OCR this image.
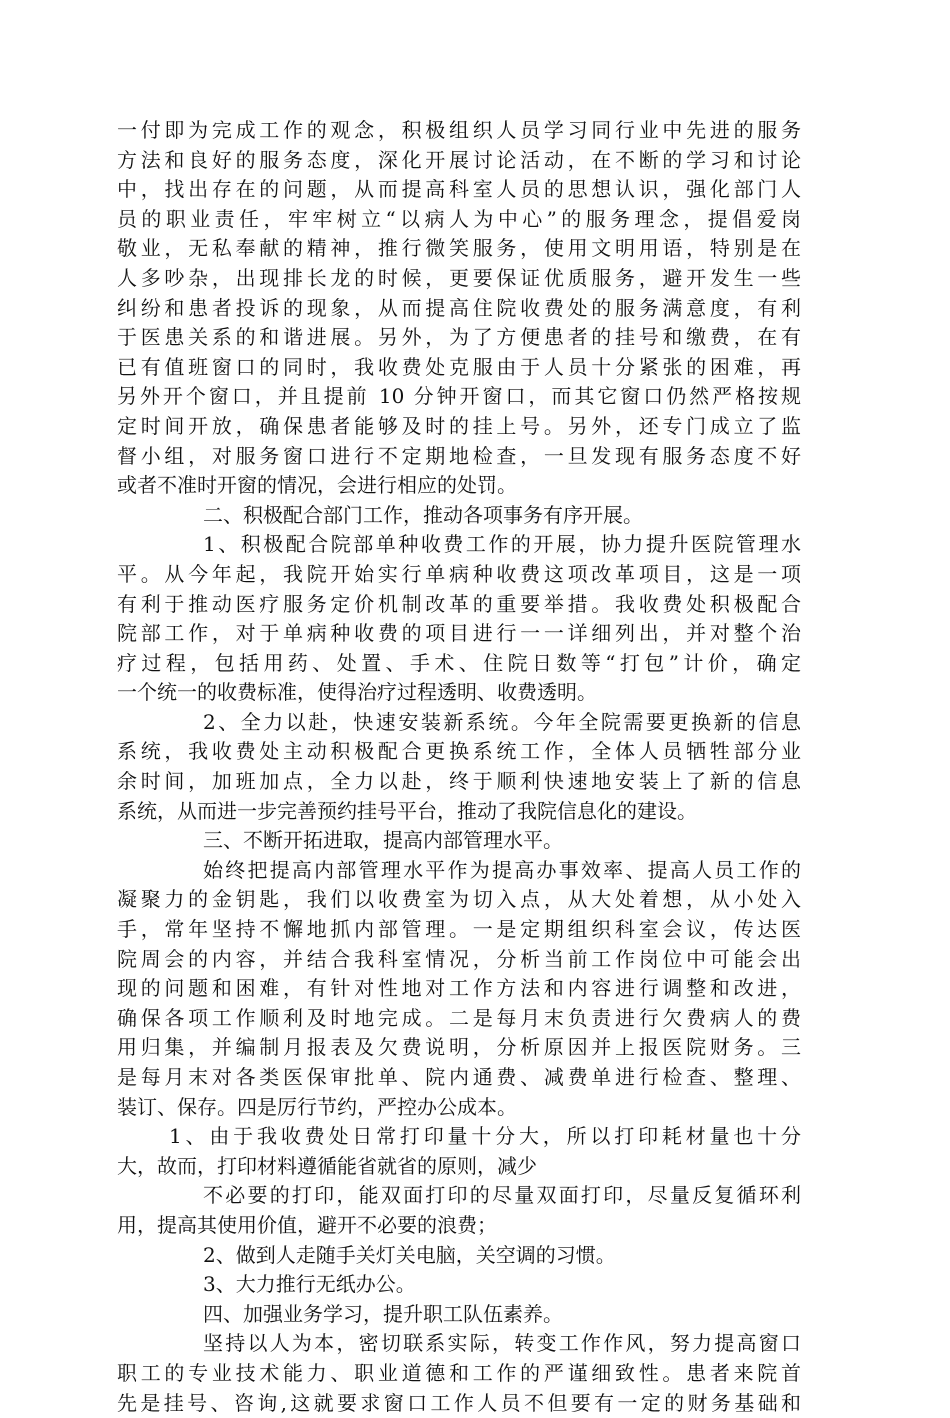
一付即为完成工作的观念，积极组织人员学习同行业中先进的服务
方法和良好的服务态度，深化开展讨论活动，在不断的学习和讨论
中，找出存在的问题，从而提高科室人员的思想认识，强化部门人
员的职业责任，牢牢树立“以病人为中心”的服务理念，提倡爱岗
敬业，无私奉献的精神，推行微笑服务，使用文明用语，特别是在
人多吵杂，出现排长龙的时候，更要保证优质服务，避开发生一些
纠纷和患者投诉的现象，从而提高住院收费处的服务满意度，有利
于医患关系的和谐进展。另外，为了方便患者的挂号和缴费，在有
已有值班窗口的同时，我收费处克服由于人员十分紧张的困难，再
另外开个窗口，并且提前 10 分钟开窗口，而其它窗口仍然严格按规
定时间开放，确保患者能够及时的挂上号。另外，还专门成立了监
督小组，对服务窗口进行不定期地检查，一旦发现有服务态度不好
或者不准时开窗的情况，会进行相应的处罚。
二、积极配合部门工作，推动各项事务有序开展。
1、积极配合院部单种收费工作的开展，协力提升医院管理水
平。从今年起，我院开始实行单病种收费这项改革项目，这是一项
有利于推动医疗服务定价机制改革的重要举措。我收费处积极配合
院部工作，对于单病种收费的项目进行一一详细列出，并对整个治
疗过程，包括用药、处置、手术、住院日数等“打包”计价，确定
一个统一的收费标准，使得治疗过程透明、收费透明。
2、全力以赴，快速安装新系统。今年全院需要更换新的信息
系统，我收费处主动积极配合更换系统工作，全体人员牺牲部分业
余时间，加班加点，全力以赴，终于顺利快速地安装上了新的信息
系统，从而进一步完善预约挂号平台，推动了我院信息化的建设。
三、不断开拓进取，提高内部管理水平。
始终把提高内部管理水平作为提高办事效率、提高人员工作的
凝聚力的金钥匙，我们以收费室为切入点，从大处着想，从小处入
手，常年坚持不懈地抓内部管理。一是定期组织科室会议，传达医
院周会的内容，并结合我科室情况，分析当前工作岗位中可能会出
现的问题和困难，有针对性地对工作方法和内容进行调整和改进，
确保各项工作顺利及时地完成。二是每月末负责进行欠费病人的费
用归集，并编制月报表及欠费说明，分析原因并上报医院财务。三
是每月末对各类医保审批单、院内通费、减费单进行检查、整理、
装订、保存。四是厉行节约，严控办公成本。
1、由于我收费处日常打印量十分大，所以打印耗材量也十分
大，故而，打印材料遵循能省就省的原则，减少
不必要的打印，能双面打印的尽量双面打印，尽量反复循环利
用，提高其使用价值，避开不必要的浪费；
2、做到人走随手关灯关电脑，关空调的习惯。
3、大力推行无纸办公。
四、加强业务学习，提升职工队伍素养。
坚持以人为本，密切联系实际，转变工作作风，努力提高窗口
职工的专业技术能力、职业道德和工作的严谨细致性。患者来院首
先是挂号、咨询,这就要求窗口工作人员不但要有一定的财务基础和
